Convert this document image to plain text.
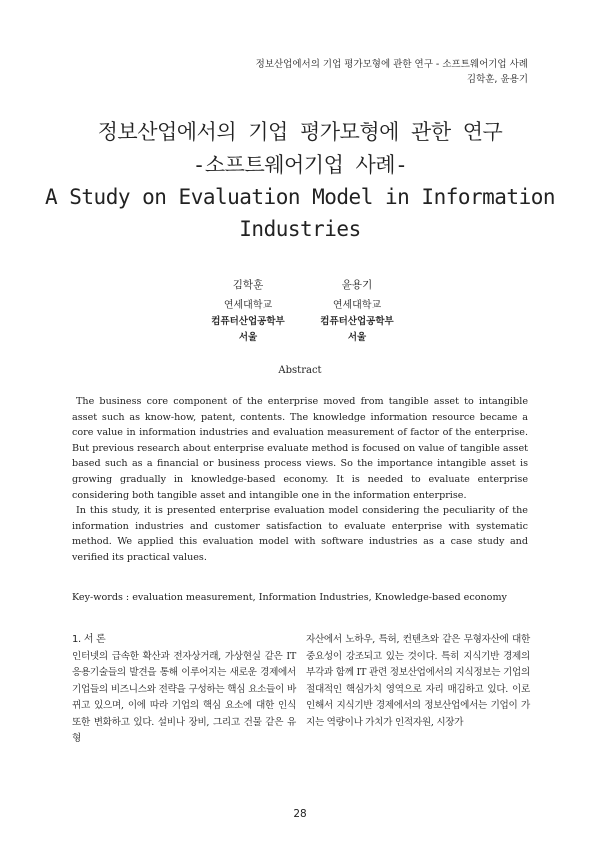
정보산업에서의 기업 평가모형에 관한 연구 - 소프트웨어기업 사례
김학훈, 윤용기
정보산업에서의 기업 평가모형에 관한 연구
-소프트웨어기업 사례-
A Study on Evaluation Model in Information
Industries
김학훈
연세대학교
컴퓨터산업공학부
서울
윤용기
연세대학교
컴퓨터산업공학부
서울
Abstract

The business core component of the enterprise moved from tangible asset to intangible asset such as know-how, patent, contents. The knowledge information resource became a core value in information industries and evaluation measurement of factor of the enterprise. But previous research about enterprise evaluate method is focused on value of tangible asset based such as a financial or business process views. So the importance intangible asset is growing gradually in knowledge-based economy. It is needed to evaluate enterprise considering both tangible asset and intangible one in the information enterprise.

In this study, it is presented enterprise evaluation model considering the peculiarity of the information industries and customer satisfaction to evaluate enterprise with systematic method. We applied this evaluation model with software industries as a case study and verified its practical values.

Key-words : evaluation measurement, Information Industries, Knowledge-based economy
1. 서 론
인터넷의 급속한 확산과 전자상거래, 가상현실 같은 IT 응용기술들의 발견을 통해 이루어지는 새로운 경제에서 기업들의 비즈니스와 전략을 구성하는 핵심 요소들이 바뀌고 있으며, 이에 따라 기업의 핵심 요소에 대한 인식 또한 변화하고 있다. 설비나 장비, 그리고 건물 같은 유형
자산에서 노하우, 특허, 컨텐츠와 같은 무형자산에 대한 중요성이 강조되고 있는 것이다. 특히 지식기반 경제의 부각과 함께 IT 관련 정보산업에서의 지식정보는 기업의 절대적인 핵심가치 영역으로 자리 매김하고 있다. 이로 인해서 지식기반 경제에서의 정보산업에서는 기업이 가지는 역량이나 가치가 인적자원, 시장가
28
